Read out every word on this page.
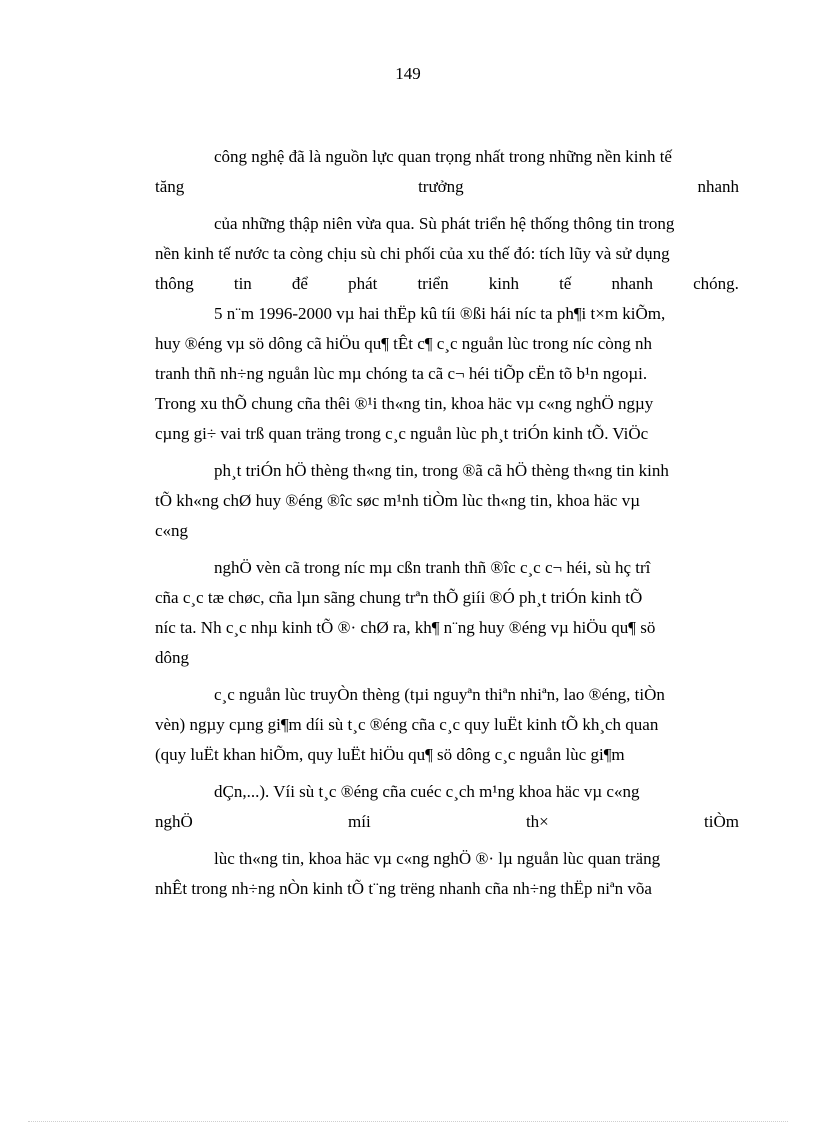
149
công nghệ đã là nguồn lực quan trọng nhất trong những nền kinh tế
tăng	trưởng	nhanh
của những thập niên vừa qua. Sù phát triển hệ thống thông tin trong
nền kinh tế nước ta còng chịu sù chi phối của xu thế đó: tích lũy và sử dụng
thông tin để phát triển kinh tế nhanh chóng.
5 n¨m 1996-2000 vµ hai thËp kû tíi ®ßi hái níc ta ph¶i t×m kiÕm,
huy ®éng vµ sö dông cã hiÖu qu¶ tÊt c¶ c¸c nguån lùc trong níc còng nh
tranh thñ nh÷ng nguån lùc mµ chóng ta cã c¬ héi tiÕp cËn tõ b¹n ngoµi.
Trong xu thÕ chung cña thêi ®¹i th«ng tin, khoa häc vµ c«ng nghÖ ngµy
cµng gi÷ vai trß quan träng trong c¸c nguån lùc ph¸t triÓn kinh tÕ. ViÖc
ph¸t triÓn hÖ thèng th«ng tin, trong ®ã cã hÖ thèng th«ng tin kinh
tÕ kh«ng chØ huy ®éng ®îc søc m¹nh tiÒm lùc th«ng tin, khoa häc vµ
c«ng
nghÖ vèn cã trong níc mµ cßn tranh thñ ®îc c¸c c¬ héi, sù hç trî
cña c¸c tæ chøc, cña lµn sãng chung trªn thÕ giíi ®Ó ph¸t triÓn kinh tÕ
níc ta. Nh c¸c nhµ kinh tÕ ®· chØ ra, kh¶ n¨ng huy ®éng vµ hiÖu qu¶ sö
dông
c¸c nguån lùc truyÒn thèng (tµi nguyªn thiªn nhiªn, lao ®éng, tiÒn
vèn) ngµy cµng gi¶m díi sù t¸c ®éng cña c¸c quy luËt kinh tÕ kh¸ch quan
(quy luËt khan hiÕm, quy luËt hiÖu qu¶ sö dông c¸c nguån lùc gi¶m
dÇn,...). Víi sù t¸c ®éng cña cuéc c¸ch m¹ng khoa häc vµ c«ng
nghÖ	míi	th×	tiÒm
lùc th«ng tin, khoa häc vµ c«ng nghÖ ®· lµ nguån lùc quan träng
nhÊt trong nh÷ng nÒn kinh tÕ t¨ng trëng nhanh cña nh÷ng thËp niªn võa
